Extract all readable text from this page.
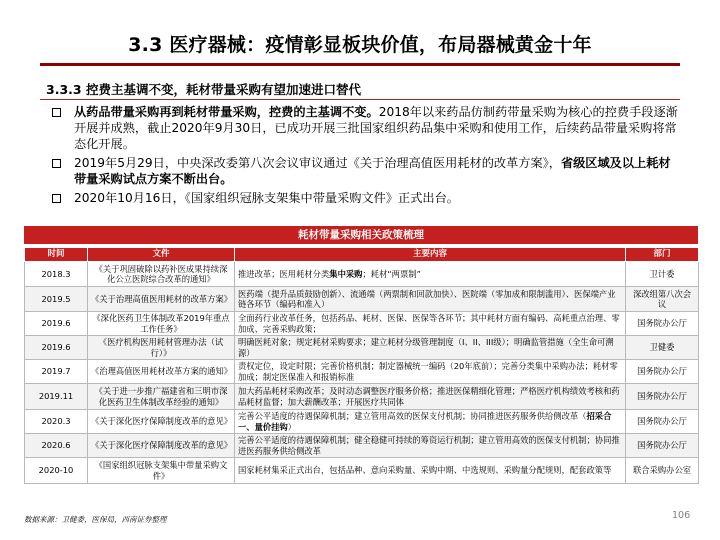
3.3 医疗器械：疫情彰显板块价值，布局器械黄金十年
3.3.3 控费主基调不变，耗材带量采购有望加速进口替代
从药品带量采购再到耗材带量采购，控费的主基调不变。2018年以来药品仿制药带量采购为核心的控费手段逐渐开展并成熟，截止2020年9月30日，已成功开展三批国家组织药品集中采购和使用工作，后续药品带量采购将常态化开展。
2019年5月29日，中央深改委第八次会议审议通过《关于治理高值医用耗材的改革方案》，省级区域及以上耗材带量采购试点方案不断出台。
2020年10月16日，《国家组织冠脉支架集中带量采购文件》正式出台。
耗材带量采购相关政策梳理
时间	文件	主要内容	部门
2018.3	《关于巩固破除以药补医成果持续深化公立医院综合改革的通知》	推进改革；医用耗材分类集中采购；耗材“两票制”	卫计委
2019.5	《关于治理高值医用耗材的改革方案》	医药端（提升品质鼓励创新）、流通端（两票制和回款加快）、医院端（零加成和限制滥用）、医保端产业链各环节（编码和准入）	深改组第八次会议
2019.6	《深化医药卫生体制改革2019年重点工作任务》	全面药行业改革任务，包括药品、耗材、医保、医保等各环节；其中耗材方面有编码、高耗重点治理、零加成、完善采购政策；	国务院办公厅
2019.6	《医疗机构医用耗材管理办法（试行）》	明确医耗对象；规定耗材采购要求；建立耗材分级管理制度（I、II、III级）；明确监管措施（全生命可溯源）	卫健委
2019.7	《治理高值医用耗材改革方案的通知》	责权定位，设定时限；完善价格机制；制定器械统一编码（20年底前）；完善分类集中采购办法；耗材零加成；制定医保准入和报销标准	国务院办公厅
2019.11	《关于进一步推广福建省和三明市深化医药卫生体制改革经验的通知》	加大药品耗材采购改革；及时动态调整医疗服务价格；推进医保精细化管理；严格医疗机构绩效考核和药品耗材监督；加大薪酬改革；开展医疗共同体	国务院办公厅
2020.3	《关于深化医疗保障制度改革的意见》	完善公平适度的待遇保障机制；建立管用高效的医保支付机制；协同推进医药服务供给侧改革（招采合一、量价挂钩）	国务院办公厅
2020.6	《关于深化医疗保障制度改革的意见》	完善公平适度的待遇保障机制；健全稳健可持续的筹资运行机制；建立管用高效的医保支付机制；协同推进医药服务供给侧改革	国务院办公厅
2020-10	《国家组织冠脉支架集中带量采购文件》	国家耗材集采正式出台，包括品种、意向采购量、采购中期、中选规则、采购量分配规则，配套政策等	联合采购办公室
数据来源：卫健委、医保局，西南证券整理	106
